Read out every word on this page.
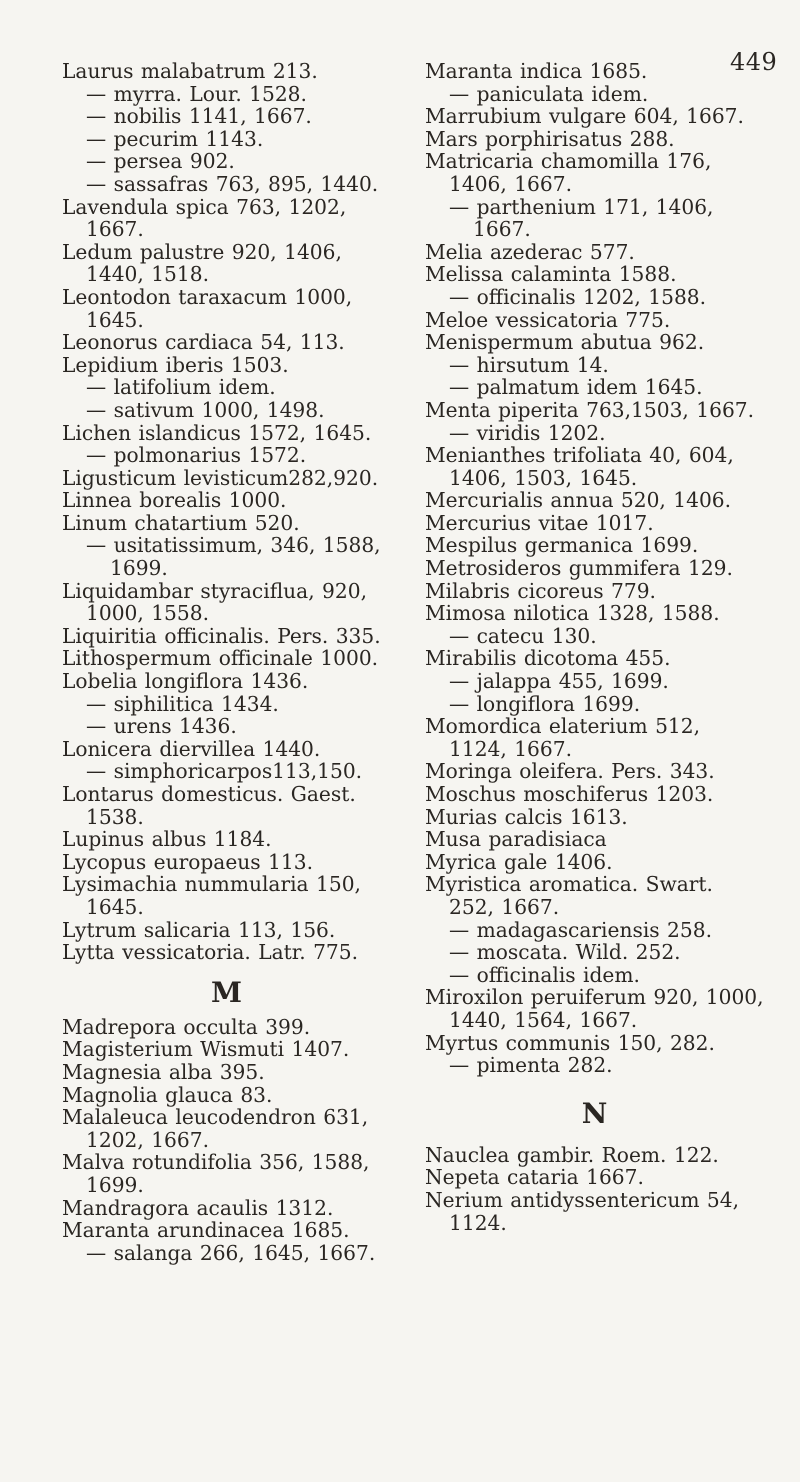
449
Laurus malabatrum 213.
— myrra. Lour. 1528.
— nobilis 1141, 1667.
— pecurim 1143.
— persea 902.
— sassafras 763, 895, 1440.
Lavendula spica 763, 1202, 1667.
Ledum palustre 920, 1406, 1440, 1518.
Leontodon taraxacum 1000, 1645.
Leonorus cardiaca 54, 113.
Lepidium iberis 1503.
— latifolium idem.
— sativum 1000, 1498.
Lichen islandicus 1572, 1645.
— polmonarius 1572.
Ligusticum levisticum282,920.
Linnea borealis 1000.
Linum chatartium 520.
— usitatissimum, 346, 1588, 1699.
Liquidambar styraciflua, 920, 1000, 1558.
Liquiritia officinalis. Pers. 335.
Lithospermum officinale 1000.
Lobelia longiflora 1436.
— siphilitica 1434.
— urens 1436.
Lonicera diervillea 1440.
— simphoricarpos113,150.
Lontarus domesticus. Gaest. 1538.
Lupinus albus 1184.
Lycopus europaeus 113.
Lysimachia nummularia 150, 1645.
Lytrum salicaria 113, 156.
Lytta vessicatoria. Latr. 775.
M
Madrepora occulta 399.
Magisterium Wismuti 1407.
Magnesia alba 395.
Magnolia glauca 83.
Malaleuca leucodendron 631, 1202, 1667.
Malva rotundifolia 356, 1588, 1699.
Mandragora acaulis 1312.
Maranta arundinacea 1685.
— salanga 266, 1645, 1667.
Maranta indica 1685.
— paniculata idem.
Marrubium vulgare 604, 1667.
Mars porphirisatus 288.
Matricaria chamomilla 176, 1406, 1667.
— parthenium 171, 1406, 1667.
Melia azederac 577.
Melissa calaminta 1588.
— officinalis 1202, 1588.
Meloe vessicatoria 775.
Menispermum abutua 962.
— hirsutum 14.
— palmatum idem 1645.
Menta piperita 763,1503, 1667.
— viridis 1202.
Menianthes trifoliata 40, 604, 1406, 1503, 1645.
Mercurialis annua 520, 1406.
Mercurius vitae 1017.
Mespilus germanica 1699.
Metrosideros gummifera 129.
Milabris cicoreus 779.
Mimosa nilotica 1328, 1588.
— catecu 130.
Mirabilis dicotoma 455.
— jalappa 455, 1699.
— longiflora 1699.
Momordica elaterium 512, 1124, 1667.
Moringa oleifera. Pers. 343.
Moschus moschiferus 1203.
Murias calcis 1613.
Musa paradisiaca
Myrica gale 1406.
Myristica aromatica. Swart. 252, 1667.
— madagascariensis 258.
— moscata. Wild. 252.
— officinalis idem.
Miroxilon peruiferum 920, 1000, 1440, 1564, 1667.
Myrtus communis 150, 282.
— pimenta 282.
N
Nauclea gambir. Roem. 122.
Nepeta cataria 1667.
Nerium antidyssentericum 54, 1124.
